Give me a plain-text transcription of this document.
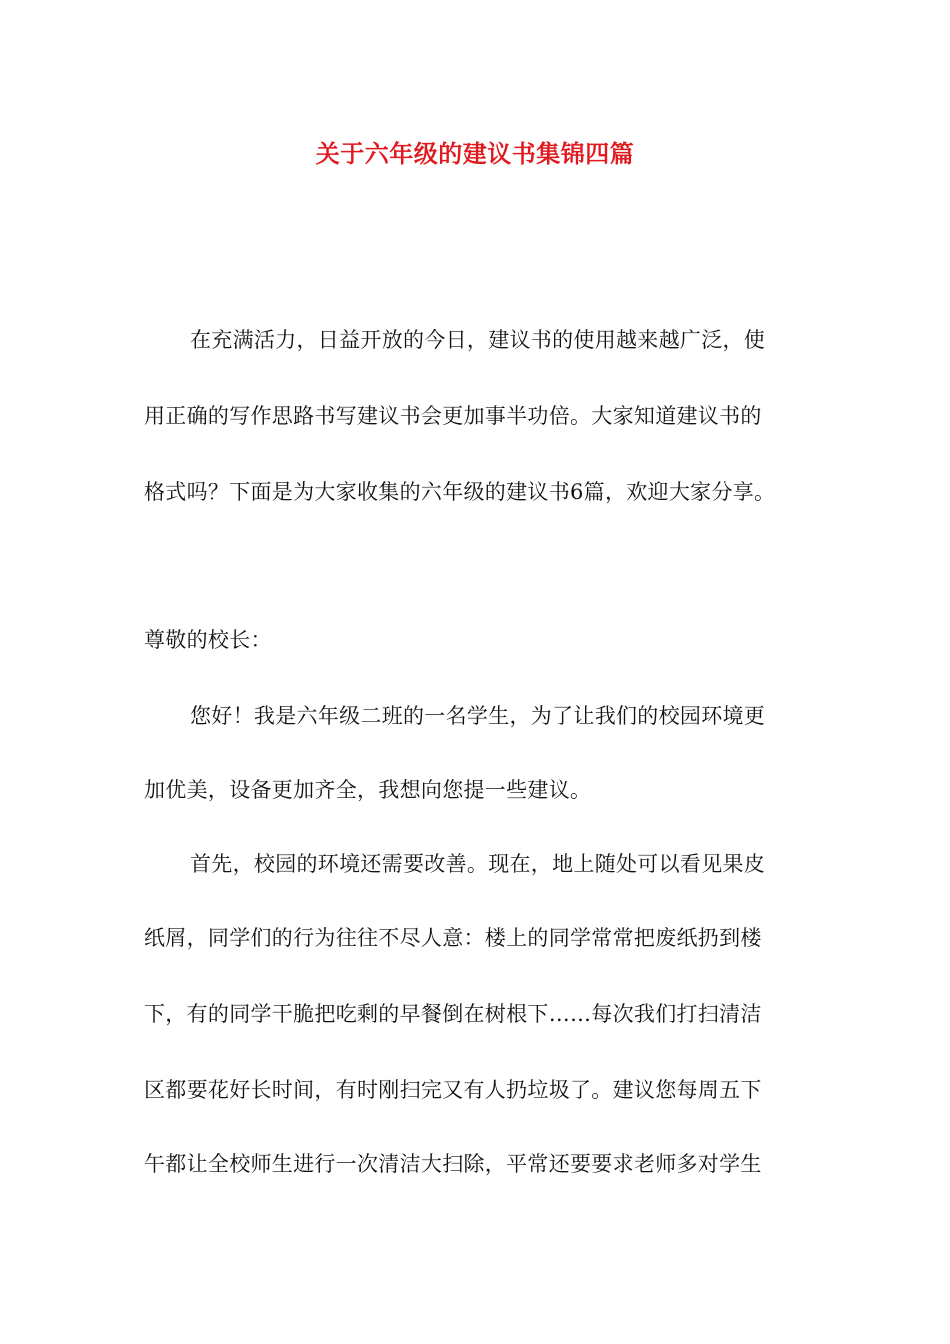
关于六年级的建议书集锦四篇
在充满活力，日益开放的今日，建议书的使用越来越广泛，使
用正确的写作思路书写建议书会更加事半功倍。大家知道建议书的
格式吗？下面是为大家收集的六年级的建议书6篇，欢迎大家分享。
尊敬的校长：
您好！我是六年级二班的一名学生，为了让我们的校园环境更
加优美，设备更加齐全，我想向您提一些建议。
首先，校园的环境还需要改善。现在，地上随处可以看见果皮
纸屑，同学们的行为往往不尽人意：楼上的同学常常把废纸扔到楼
下，有的同学干脆把吃剩的早餐倒在树根下……每次我们打扫清洁
区都要花好长时间，有时刚扫完又有人扔垃圾了。建议您每周五下
午都让全校师生进行一次清洁大扫除，平常还要要求老师多对学生
